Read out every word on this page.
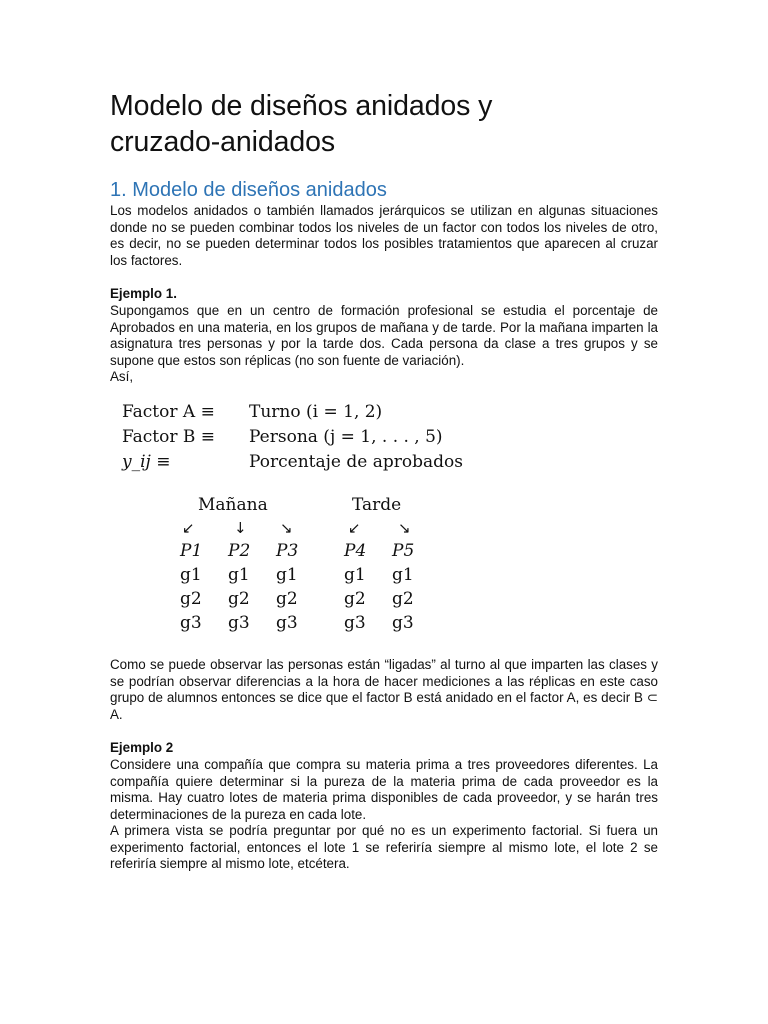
Modelo de diseños anidados y
cruzado-anidados
1. Modelo de diseños anidados

Los modelos anidados o también llamados jerárquicos se utilizan en algunas situaciones donde no se pueden combinar todos los niveles de un factor con todos los niveles de otro, es decir, no se pueden determinar todos los posibles tratamientos que aparecen al cruzar los factores.

Ejemplo 1.

Supongamos que en un centro de formación profesional se estudia el porcentaje de Aprobados en una materia, en los grupos de mañana y de tarde. Por la mañana imparten la asignatura tres personas y por la tarde dos. Cada persona da clase a tres grupos y se supone que estos son réplicas (no son fuente de variación).

Así,

Factor A ≡	Turno (i = 1, 2)
Factor B ≡	Persona (j = 1, . . . , 5)
y_ij ≡	Porcentaje de aprobados
Mañana	Tarde
↙	↓ ↘	↙ ↘
P1 P2 P3	P4 P5
g1 g1 g1	g1 g1
g2 g2 g2	g2 g2
g3 g3 g3	g3 g3

Como se puede observar las personas están “ligadas” al turno al que imparten las clases y se podrían observar diferencias a la hora de hacer mediciones a las réplicas en este caso grupo de alumnos entonces se dice que el factor B está anidado en el factor A, es decir B ⊂ A.

Ejemplo 2

Considere una compañía que compra su materia prima a tres proveedores diferentes. La compañía quiere determinar si la pureza de la materia prima de cada proveedor es la misma. Hay cuatro lotes de materia prima disponibles de cada proveedor, y se harán tres determinaciones de la pureza en cada lote.

A primera vista se podría preguntar por qué no es un experimento factorial. Si fuera un experimento factorial, entonces el lote 1 se referiría siempre al mismo lote, el lote 2 se referiría siempre al mismo lote, etcétera.
